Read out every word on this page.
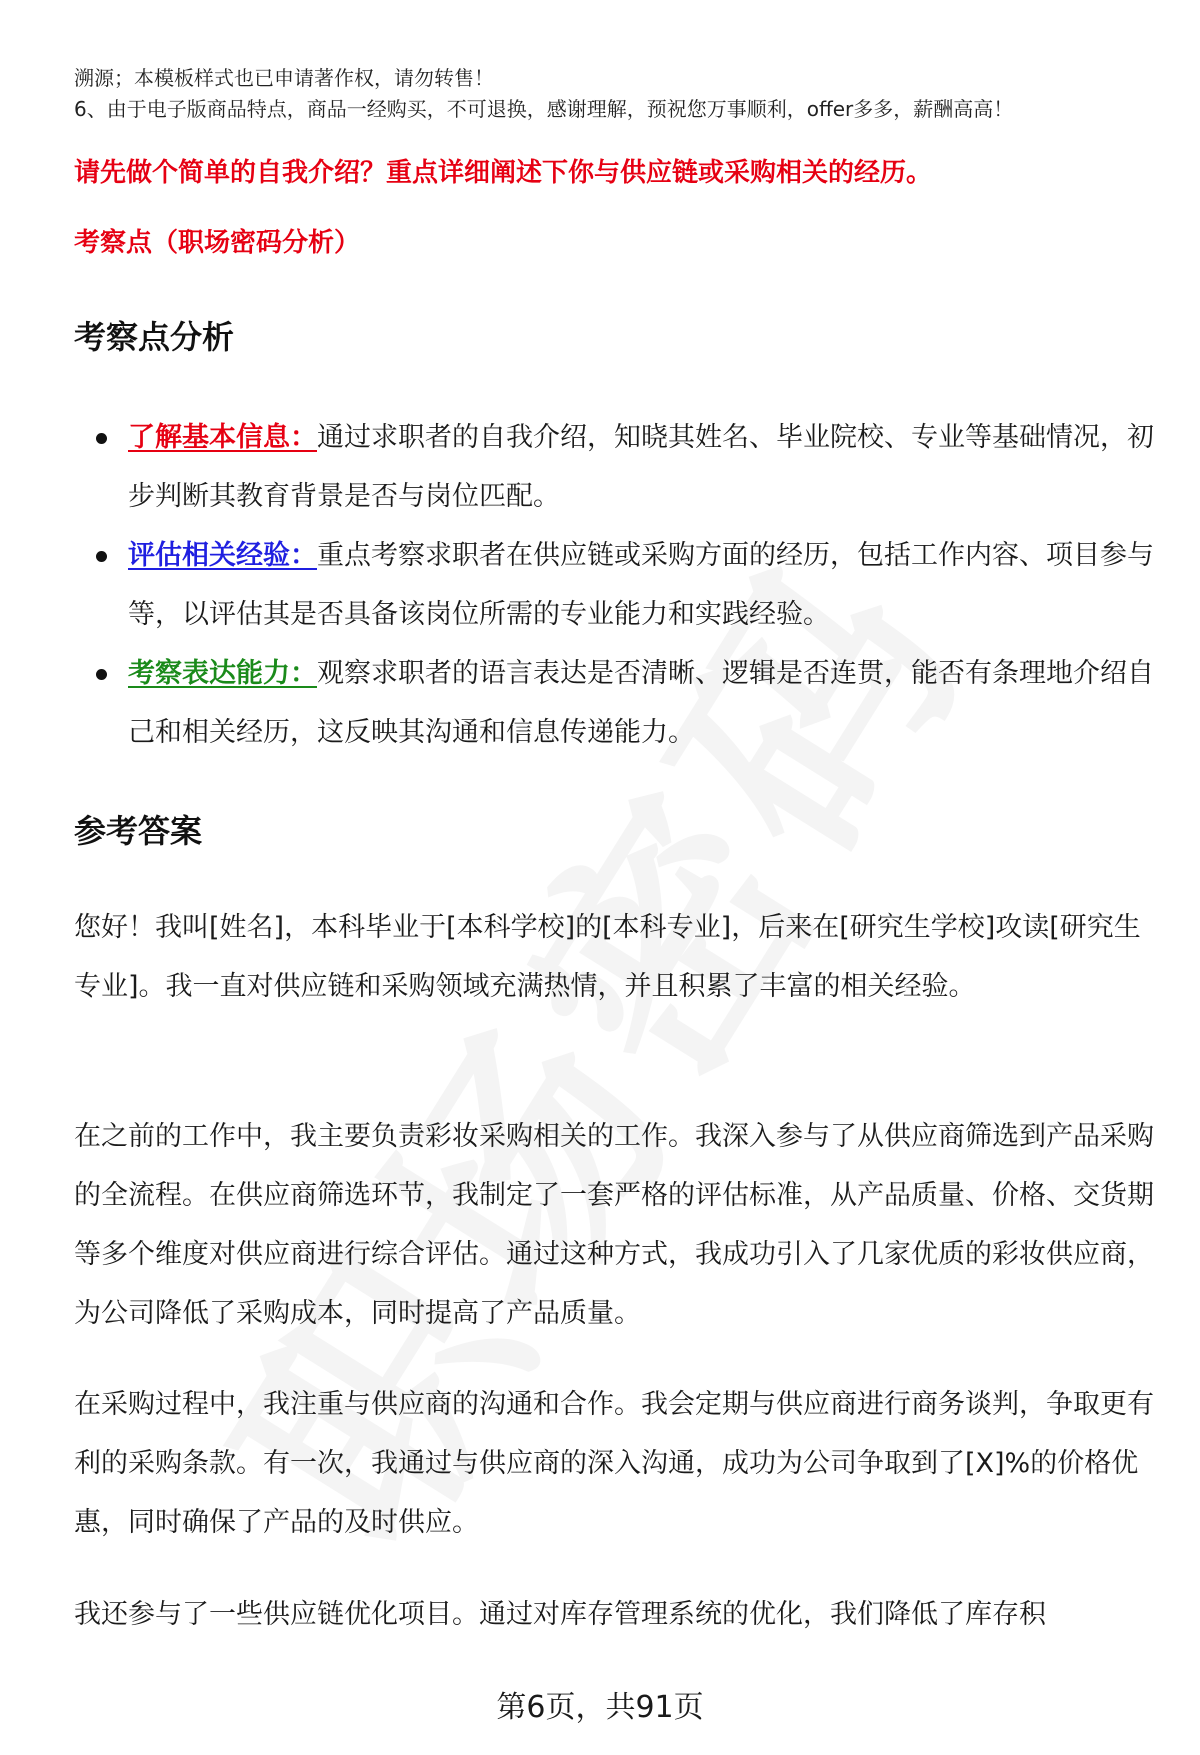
溯源；本模板样式也已申请著作权，请勿转售！
6、由于电子版商品特点，商品一经购买，不可退换，感谢理解，预祝您万事顺利，offer多多，薪酬高高！
请先做个简单的自我介绍？重点详细阐述下你与供应链或采购相关的经历。
考察点（职场密码分析）
考察点分析
了解基本信息：通过求职者的自我介绍，知晓其姓名、毕业院校、专业等基础情况，初步判断其教育背景是否与岗位匹配。
评估相关经验：重点考察求职者在供应链或采购方面的经历，包括工作内容、项目参与等，以评估其是否具备该岗位所需的专业能力和实践经验。
考察表达能力：观察求职者的语言表达是否清晰、逻辑是否连贯，能否有条理地介绍自己和相关经历，这反映其沟通和信息传递能力。
参考答案

您好！我叫[姓名]，本科毕业于[本科学校]的[本科专业]，后来在[研究生学校]攻读[研究生专业]。我一直对供应链和采购领域充满热情，并且积累了丰富的相关经验。

在之前的工作中，我主要负责彩妆采购相关的工作。我深入参与了从供应商筛选到产品采购的全流程。在供应商筛选环节，我制定了一套严格的评估标准，从产品质量、价格、交货期等多个维度对供应商进行综合评估。通过这种方式，我成功引入了几家优质的彩妆供应商，为公司降低了采购成本，同时提高了产品质量。

在采购过程中，我注重与供应商的沟通和合作。我会定期与供应商进行商务谈判，争取更有利的采购条款。有一次，我通过与供应商的深入沟通，成功为公司争取到了[X]%的价格优惠，同时确保了产品的及时供应。

我还参与了一些供应链优化项目。通过对库存管理系统的优化，我们降低了库存积

第6页，共91页
